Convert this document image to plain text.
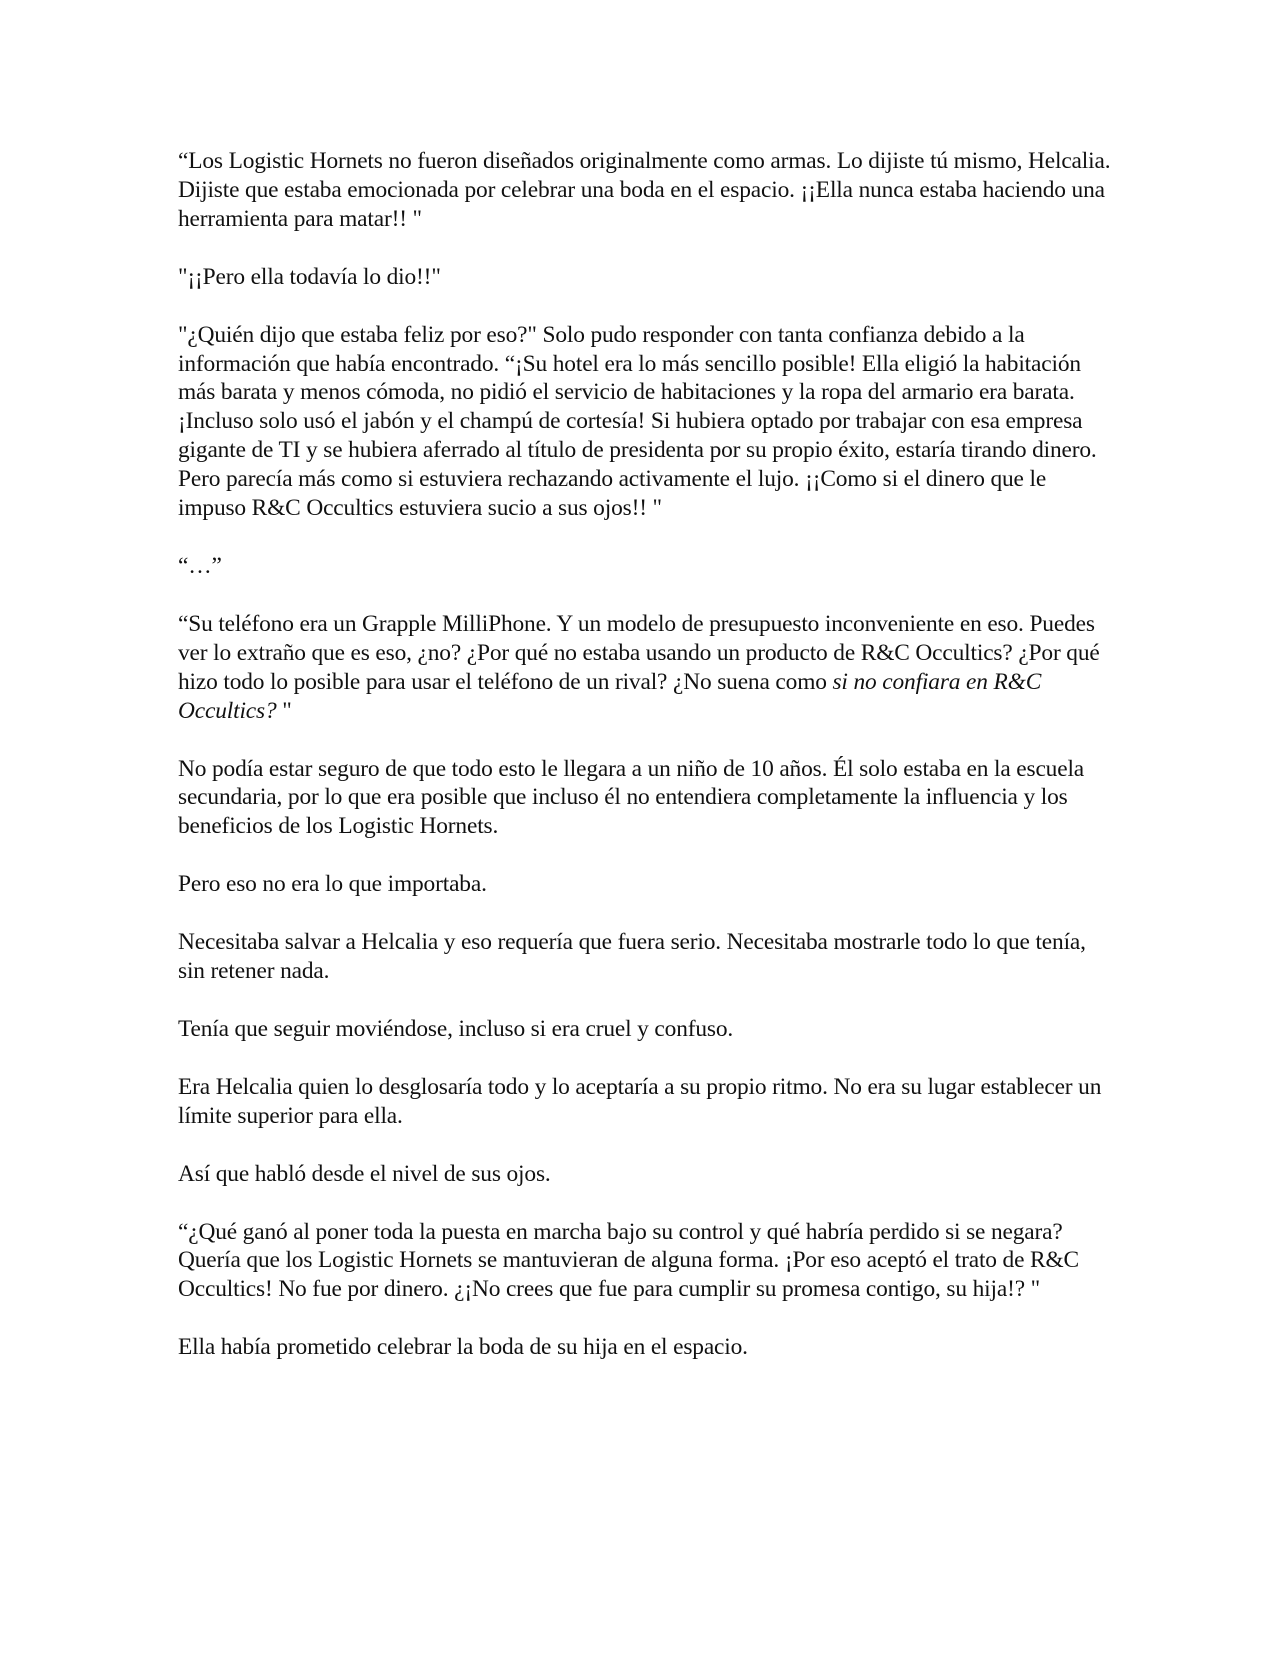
“Los Logistic Hornets no fueron diseñados originalmente como armas. Lo dijiste tú mismo, Helcalia. Dijiste que estaba emocionada por celebrar una boda en el espacio. ¡¡Ella nunca estaba haciendo una herramienta para matar!! "

"¡¡Pero ella todavía lo dio!!"

"¿Quién dijo que estaba feliz por eso?" Solo pudo responder con tanta confianza debido a la información que había encontrado. “¡Su hotel era lo más sencillo posible! Ella eligió la habitación más barata y menos cómoda, no pidió el servicio de habitaciones y la ropa del armario era barata. ¡Incluso solo usó el jabón y el champú de cortesía! Si hubiera optado por trabajar con esa empresa gigante de TI y se hubiera aferrado al título de presidenta por su propio éxito, estaría tirando dinero. Pero parecía más como si estuviera rechazando activamente el lujo. ¡¡Como si el dinero que le impuso R&C Occultics estuviera sucio a sus ojos!! "

“…”

“Su teléfono era un Grapple MilliPhone. Y un modelo de presupuesto inconveniente en eso. Puedes ver lo extraño que es eso, ¿no? ¿Por qué no estaba usando un producto de R&C Occultics? ¿Por qué hizo todo lo posible para usar el teléfono de un rival? ¿No suena como si no confiara en R&C Occultics? "

No podía estar seguro de que todo esto le llegara a un niño de 10 años. Él solo estaba en la escuela secundaria, por lo que era posible que incluso él no entendiera completamente la influencia y los beneficios de los Logistic Hornets.

Pero eso no era lo que importaba.

Necesitaba salvar a Helcalia y eso requería que fuera serio. Necesitaba mostrarle todo lo que tenía, sin retener nada.

Tenía que seguir moviéndose, incluso si era cruel y confuso.

Era Helcalia quien lo desglosaría todo y lo aceptaría a su propio ritmo. No era su lugar establecer un límite superior para ella.

Así que habló desde el nivel de sus ojos.

“¿Qué ganó al poner toda la puesta en marcha bajo su control y qué habría perdido si se negara? Quería que los Logistic Hornets se mantuvieran de alguna forma. ¡Por eso aceptó el trato de R&C Occultics! No fue por dinero. ¿¡No crees que fue para cumplir su promesa contigo, su hija!? "

Ella había prometido celebrar la boda de su hija en el espacio.
